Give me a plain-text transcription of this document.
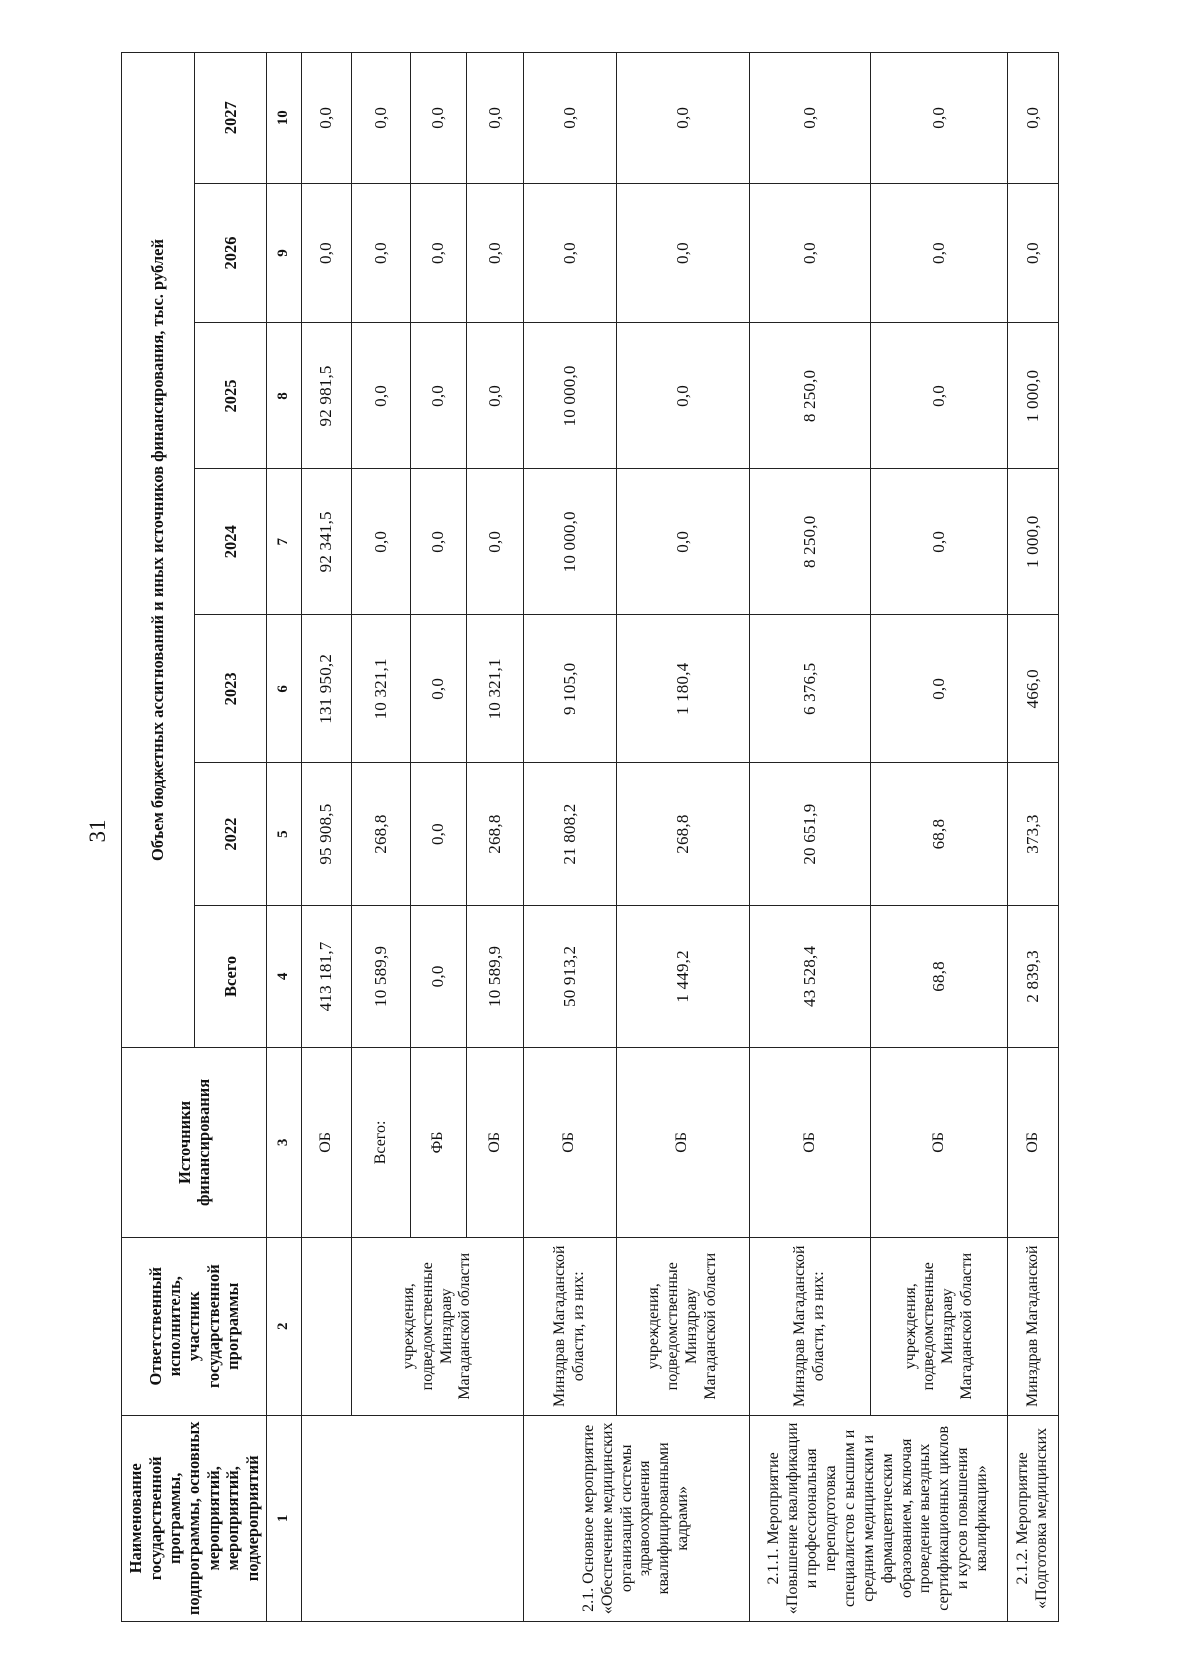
31
Наименование государственной программы, подпрограммы, основных мероприятий, мероприятий, подмероприятий	Ответственный исполнитель, участник государственной программы	Источники финансирования	Объем бюджетных ассигнований и иных источников финансирования, тыс. рублей						
			Всего	2022	2023	2024	2025	2026	2027
1	2	3	4	5	6	7	8	9	10
		ОБ	413 181,7	95 908,5	131 950,2	92 341,5	92 981,5	0,0	0,0
	учреждения, подведомственные Минздраву Магаданской области	Всего:	10 589,9	268,8	10 321,1	0,0	0,0	0,0	0,0
		ФБ	0,0	0,0	0,0	0,0	0,0	0,0	0,0
		ОБ	10 589,9	268,8	10 321,1	0,0	0,0	0,0	0,0
2.1. Основное мероприятие «Обеспечение медицинских организаций системы здравоохранения квалифицированными кадрами»	Минздрав Магаданской области, из них:	ОБ	50 913,2	21 808,2	9 105,0	10 000,0	10 000,0	0,0	0,0
	учреждения, подведомственные Минздраву Магаданской области	ОБ	1 449,2	268,8	1 180,4	0,0	0,0	0,0	0,0
2.1.1. Мероприятие «Повышение квалификации и профессиональная переподготовка специалистов с высшим и средним медицинским и фармацевтическим образованием, включая проведение выездных сертификационных циклов и курсов повышения квалификации»	Минздрав Магаданской области, из них:	ОБ	43 528,4	20 651,9	6 376,5	8 250,0	8 250,0	0,0	0,0
	учреждения, подведомственные Минздраву Магаданской области	ОБ	68,8	68,8	0,0	0,0	0,0	0,0	0,0
2.1.2. Мероприятие «Подготовка медицинских	Минздрав Магаданской	ОБ	2 839,3	373,3	466,0	1 000,0	1 000,0	0,0	0,0
